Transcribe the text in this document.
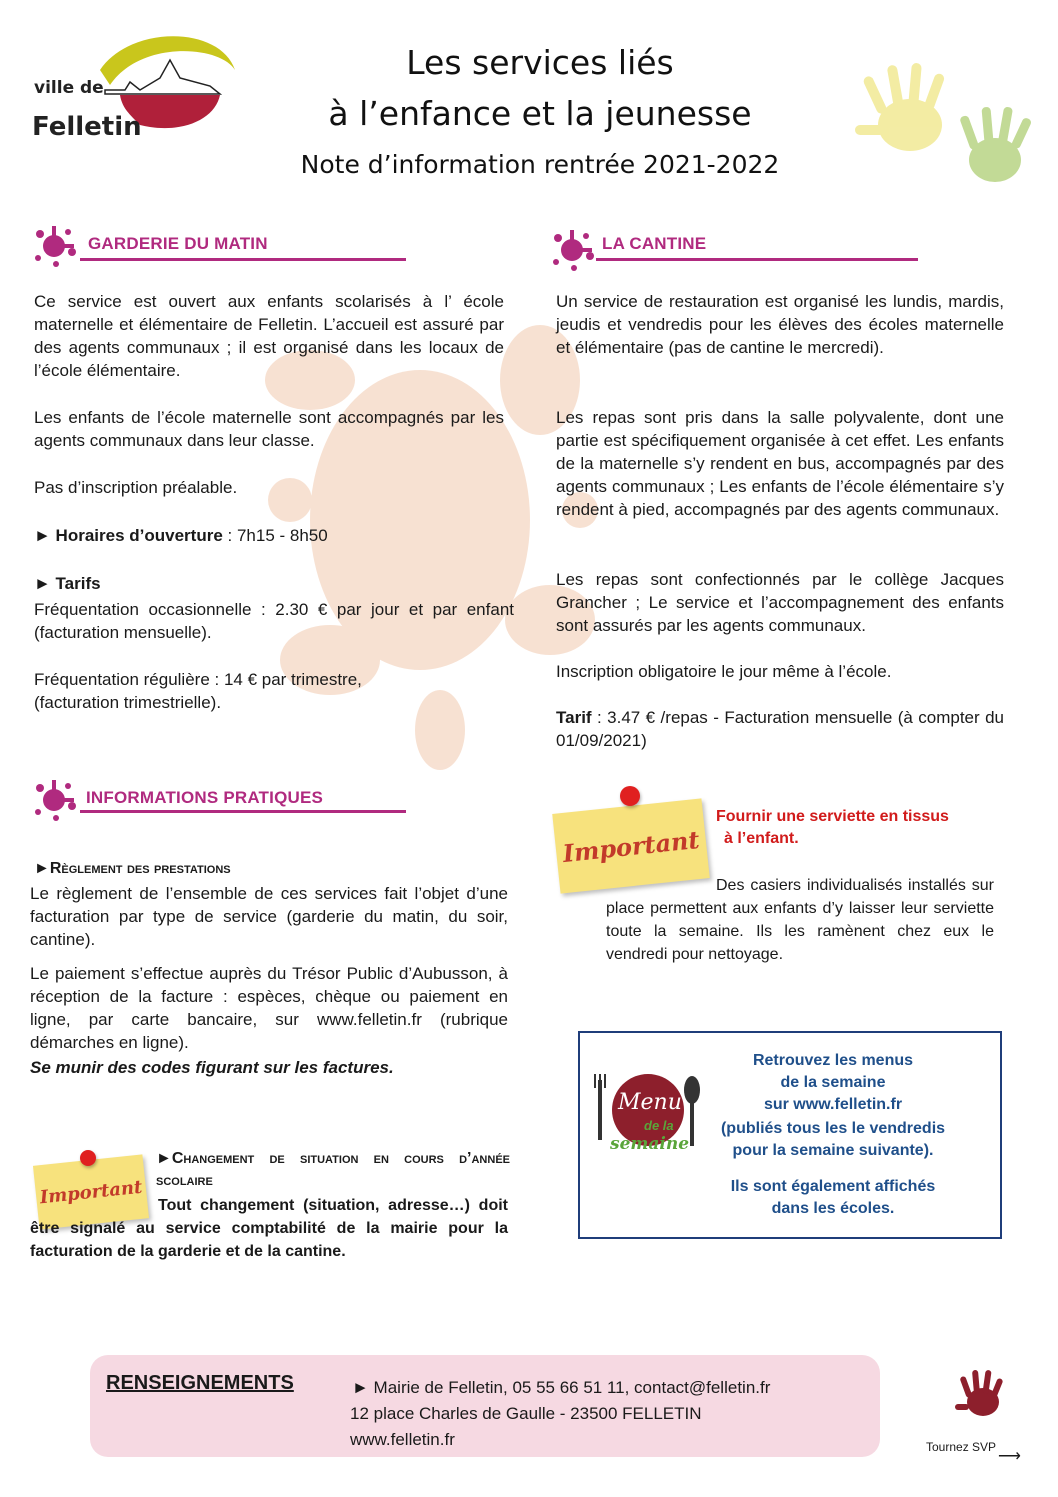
ville de
Felletin
Les services liés
à l’enfance et la jeunesse
Note d’information rentrée 2021-2022
GARDERIE DU MATIN
Ce service est ouvert aux enfants scolarisés à l’ école maternelle et élémentaire de Felletin. L’accueil est assuré par des agents communaux ; il est organisé dans les locaux de l’école élémentaire.
Les enfants de l’école maternelle sont accompagnés par les agents communaux dans leur classe.
Pas d’inscription préalable.
► Horaires d’ouverture : 7h15 - 8h50
► Tarifs
Fréquentation occasionnelle : 2.30 € par jour et par enfant (facturation mensuelle).
Fréquentation régulière : 14 € par trimestre, (facturation trimestrielle).
LA CANTINE
Un service de restauration est organisé les lundis, mardis, jeudis et vendredis pour les élèves des écoles maternelle et élémentaire (pas de cantine le mercredi).
Les repas sont pris dans la salle polyvalente, dont une partie est spécifiquement organisée à cet effet. Les enfants de la maternelle s’y rendent en bus, accompagnés par des agents communaux ; Les enfants de l’école élémentaire s’y rendent à pied, accompagnés par des agents communaux.
Les repas sont confectionnés par le collège Jacques Grancher ; Le service et l’accompagnement des enfants sont assurés par les agents communaux.
Inscription obligatoire le jour même à l’école.
Tarif : 3.47 € /repas - Facturation mensuelle (à compter du 01/09/2021)
Important
Fournir une serviette en tissus
à l’enfant.
Des casiers individualisés installés sur place permettent aux enfants d’y laisser leur serviette toute la semaine. Ils les ramènent chez eux le vendredi pour nettoyage.
INFORMATIONS PRATIQUES
►Règlement des prestations
Le règlement de l’ensemble de ces services fait l’objet d’une facturation par type de service (garderie du matin, du soir, cantine).
Le paiement s’effectue auprès du Trésor Public d’Aubusson, à réception de la facture : espèces, chèque ou paiement en ligne, par carte bancaire, sur www.felletin.fr (rubrique démarches en ligne).
Se munir des codes figurant sur les factures.
Important
►Changement de situation en cours d’année scolaire
Tout changement (situation, adresse…) doit être signalé au service comptabilité de la mairie pour la facturation de la garderie et de la cantine.
Menu
de la
semaine
Retrouvez les menus
de la semaine
sur www.felletin.fr
(publiés tous les le vendredis
pour la semaine suivante).
Ils sont également affichés
dans les écoles.
RENSEIGNEMENTS	► Mairie de Felletin, 05 55 66 51 11, contact@felletin.fr
12 place Charles de Gaulle - 23500 FELLETIN
www.felletin.fr	Tournez SVP
⟶
